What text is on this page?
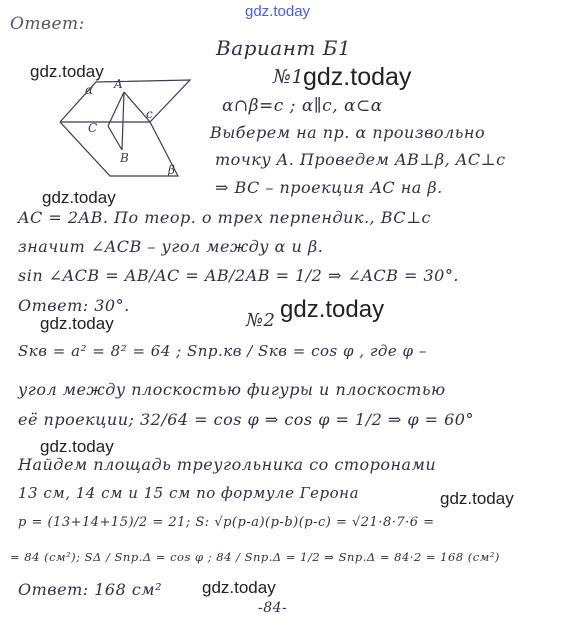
Ответ:
gdz.today
Вариант Б1
№1
gdz.today	gdz.today
gdz.today
gdz.today
gdz.today
gdz.today
gdz.today
gdz.today
α A
C
B
c
β
α∩β=c ; α∥c, α⊂α
Выберем на пр. α произвольно
точку A. Проведем AB⊥β, AC⊥c
⇒ BC – проекция AC на β.
AC = 2AB. По теор. о трех перпендик., BC⊥c
значит ∠ACB – угол между α и β.
sin ∠ACB = AB/AC = AB/2AB = 1/2 ⇒ ∠ACB = 30°.
Ответ: 30°.
№2
Sкв = a² = 8² = 64 ; Sпр.кв / Sкв = cos φ , где φ –
угол между плоскостью фигуры и плоскостью
её проекции; 32/64 = cos φ ⇒ cos φ = 1/2 ⇒ φ = 60°
Найдем площадь треугольника со сторонами
13 см, 14 см и 15 см по формуле Герона
p = (13+14+15)/2 = 21; S: √p(p-a)(p-b)(p-c) = √21·8·7·6 =
= 84 (см²); SΔ / Sпр.Δ = cos φ ; 84 / Sпр.Δ = 1/2 ⇒ Sпр.Δ = 84·2 = 168 (см²)
Ответ: 168 см²
-84-
